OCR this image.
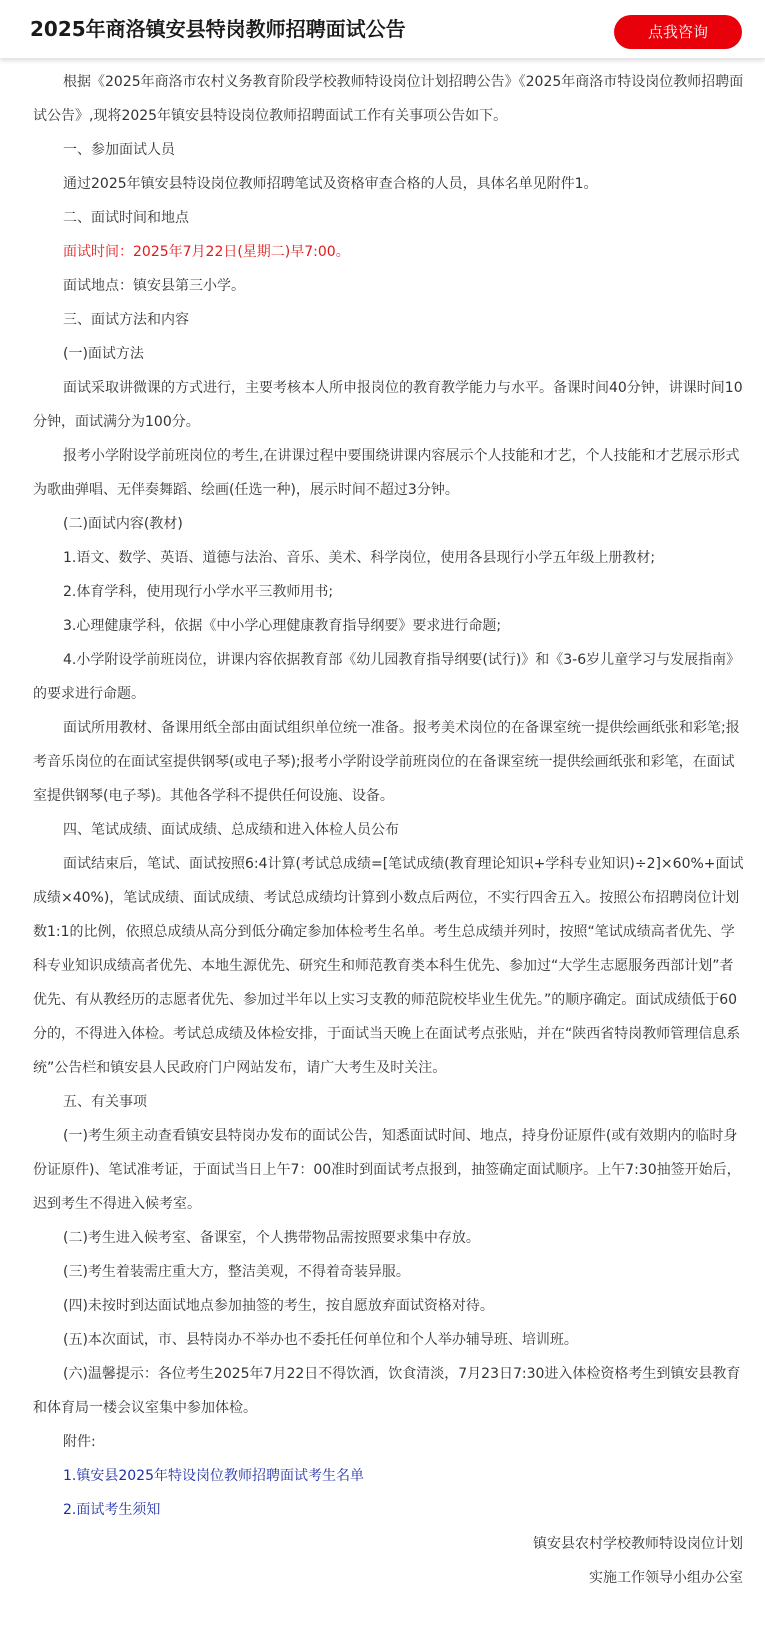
2025年商洛镇安县特岗教师招聘面试公告	点我咨询

根据《2025年商洛市农村义务教育阶段学校教师特设岗位计划招聘公告》《2025年商洛市特设岗位教师招聘面试公告》,现将2025年镇安县特设岗位教师招聘面试工作有关事项公告如下。

一、参加面试人员

通过2025年镇安县特设岗位教师招聘笔试及资格审查合格的人员，具体名单见附件1。

二、面试时间和地点

面试时间：2025年7月22日(星期二)早7:00。

面试地点：镇安县第三小学。

三、面试方法和内容

(一)面试方法

面试采取讲微课的方式进行，主要考核本人所申报岗位的教育教学能力与水平。备课时间40分钟，讲课时间10分钟，面试满分为100分。

报考小学附设学前班岗位的考生,在讲课过程中要围绕讲课内容展示个人技能和才艺，个人技能和才艺展示形式为歌曲弹唱、无伴奏舞蹈、绘画(任选一种)，展示时间不超过3分钟。

(二)面试内容(教材)

1.语文、数学、英语、道德与法治、音乐、美术、科学岗位，使用各县现行小学五年级上册教材;

2.体育学科，使用现行小学水平三教师用书;

3.心理健康学科，依据《中小学心理健康教育指导纲要》要求进行命题;

4.小学附设学前班岗位，讲课内容依据教育部《幼儿园教育指导纲要(试行)》和《3-6岁儿童学习与发展指南》的要求进行命题。

面试所用教材、备课用纸全部由面试组织单位统一准备。报考美术岗位的在备课室统一提供绘画纸张和彩笔;报考音乐岗位的在面试室提供钢琴(或电子琴);报考小学附设学前班岗位的在备课室统一提供绘画纸张和彩笔，在面试室提供钢琴(电子琴)。其他各学科不提供任何设施、设备。

四、笔试成绩、面试成绩、总成绩和进入体检人员公布

面试结束后，笔试、面试按照6:4计算(考试总成绩=[笔试成绩(教育理论知识+学科专业知识)÷2]×60%+面试成绩×40%)，笔试成绩、面试成绩、考试总成绩均计算到小数点后两位，不实行四舍五入。按照公布招聘岗位计划数1:1的比例，依照总成绩从高分到低分确定参加体检考生名单。考生总成绩并列时，按照“笔试成绩高者优先、学科专业知识成绩高者优先、本地生源优先、研究生和师范教育类本科生优先、参加过“大学生志愿服务西部计划”者优先、有从教经历的志愿者优先、参加过半年以上实习支教的师范院校毕业生优先。”的顺序确定。面试成绩低于60分的，不得进入体检。考试总成绩及体检安排，于面试当天晚上在面试考点张贴，并在“陕西省特岗教师管理信息系统”公告栏和镇安县人民政府门户网站发布，请广大考生及时关注。

五、有关事项

(一)考生须主动查看镇安县特岗办发布的面试公告，知悉面试时间、地点，持身份证原件(或有效期内的临时身份证原件)、笔试准考证，于面试当日上午7：00准时到面试考点报到，抽签确定面试顺序。上午7:30抽签开始后，迟到考生不得进入候考室。

(二)考生进入候考室、备课室，个人携带物品需按照要求集中存放。

(三)考生着装需庄重大方，整洁美观，不得着奇装异服。

(四)未按时到达面试地点参加抽签的考生，按自愿放弃面试资格对待。

(五)本次面试，市、县特岗办不举办也不委托任何单位和个人举办辅导班、培训班。

(六)温馨提示：各位考生2025年7月22日不得饮酒，饮食清淡，7月23日7:30进入体检资格考生到镇安县教育和体育局一楼会议室集中参加体检。

附件:

1.镇安县2025年特设岗位教师招聘面试考生名单
2.面试考生须知

镇安县农村学校教师特设岗位计划

实施工作领导小组办公室
